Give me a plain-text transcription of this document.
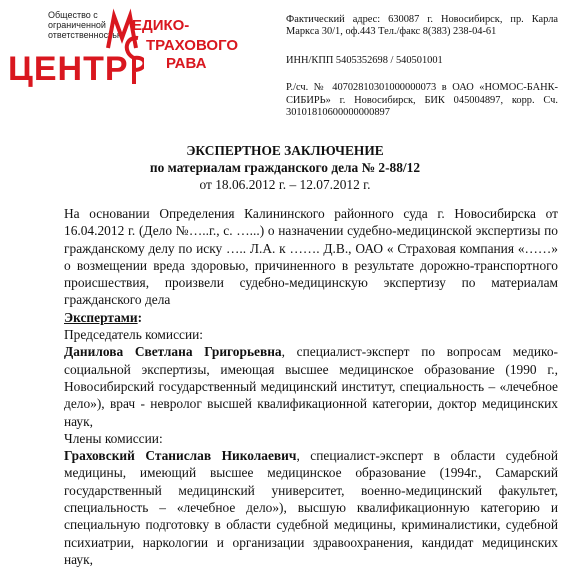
Общество с ограниченной ответственностью
ЕДИКО-
ТРАХОВОГО
РАВА
ЦЕНТР

Фактический адрес: 630087 г. Новосибирск, пр. Карла Маркса 30/1, оф.443 Тел./факс 8(383) 238-04-61

ИНН/КПП 5405352698 / 540501001

Р./сч. № 40702810301000000073 в ОАО «НОМОС-БАНК-СИБИРЬ» г. Новосибирск, БИК 045004897, корр. Сч. 30101810600000000897

ЭКСПЕРТНОЕ ЗАКЛЮЧЕНИЕ
по материалам гражданского дела № 2-88/12
от 18.06.2012 г. – 12.07.2012 г.

На основании Определения Калининского районного суда г. Новосибирска от 16.04.2012 г. (Дело №…..г., с. …...) о назначении судебно-медицинской экспертизы по гражданскому делу по иску ….. Л.А. к ……. Д.В., ОАО « Страховая компания «……» о возмещении вреда здоровью, причиненного в результате дорожно-транспортного происшествия, произвели судебно-медицинскую экспертизу по материалам гражданского дела

Экспертами:

Председатель комиссии:

Данилова Светлана Григорьевна, специалист-эксперт по вопросам медико-социальной экспертизы, имеющая высшее медицинское образование (1990 г., Новосибирский государственный медицинский институт, специальность – «лечебное дело»), врач - невролог высшей квалификационной категории, доктор медицинских наук,

Члены комиссии:

Граховский Станислав Николаевич, специалист-эксперт в области судебной медицины, имеющий высшее медицинское образование (1994г., Самарский государственный медицинский университет, военно-медицинский факультет, специальность – «лечебное дело»), высшую квалификационную категорию и специальную подготовку в области судебной медицины, криминалистики, судебной психиатрии, наркологии и организации здравоохранения, кандидат медицинских наук,
